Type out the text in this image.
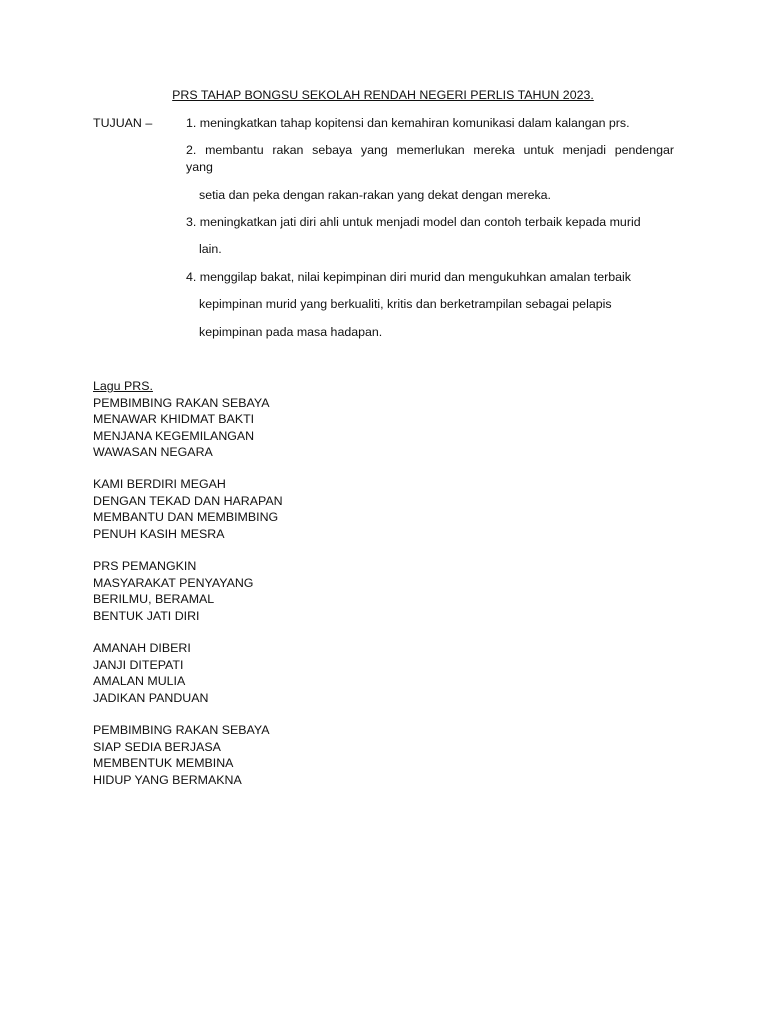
PRS TAHAP BONGSU SEKOLAH RENDAH NEGERI PERLIS TAHUN 2023.
TUJUAN –	1. meningkatkan tahap kopitensi dan kemahiran komunikasi dalam kalangan prs.
2. membantu rakan sebaya yang memerlukan mereka untuk menjadi pendengar
yang
setia dan peka dengan rakan-rakan yang dekat dengan mereka.
3. meningkatkan jati diri ahli untuk menjadi model dan contoh terbaik kepada murid
lain.
4. menggilap bakat, nilai kepimpinan diri murid dan mengukuhkan amalan terbaik
kepimpinan murid yang berkualiti, kritis dan berketrampilan sebagai pelapis
kepimpinan pada masa hadapan.
Lagu PRS.
PEMBIMBING RAKAN SEBAYA
MENAWAR KHIDMAT BAKTI
MENJANA KEGEMILANGAN
WAWASAN NEGARA
KAMI BERDIRI MEGAH
DENGAN TEKAD DAN HARAPAN
MEMBANTU DAN MEMBIMBING
PENUH KASIH MESRA
PRS PEMANGKIN
MASYARAKAT PENYAYANG
BERILMU, BERAMAL
BENTUK JATI DIRI
AMANAH DIBERI
JANJI DITEPATI
AMALAN MULIA
JADIKAN PANDUAN
PEMBIMBING RAKAN SEBAYA
SIAP SEDIA BERJASA
MEMBENTUK MEMBINA
HIDUP YANG BERMAKNA
